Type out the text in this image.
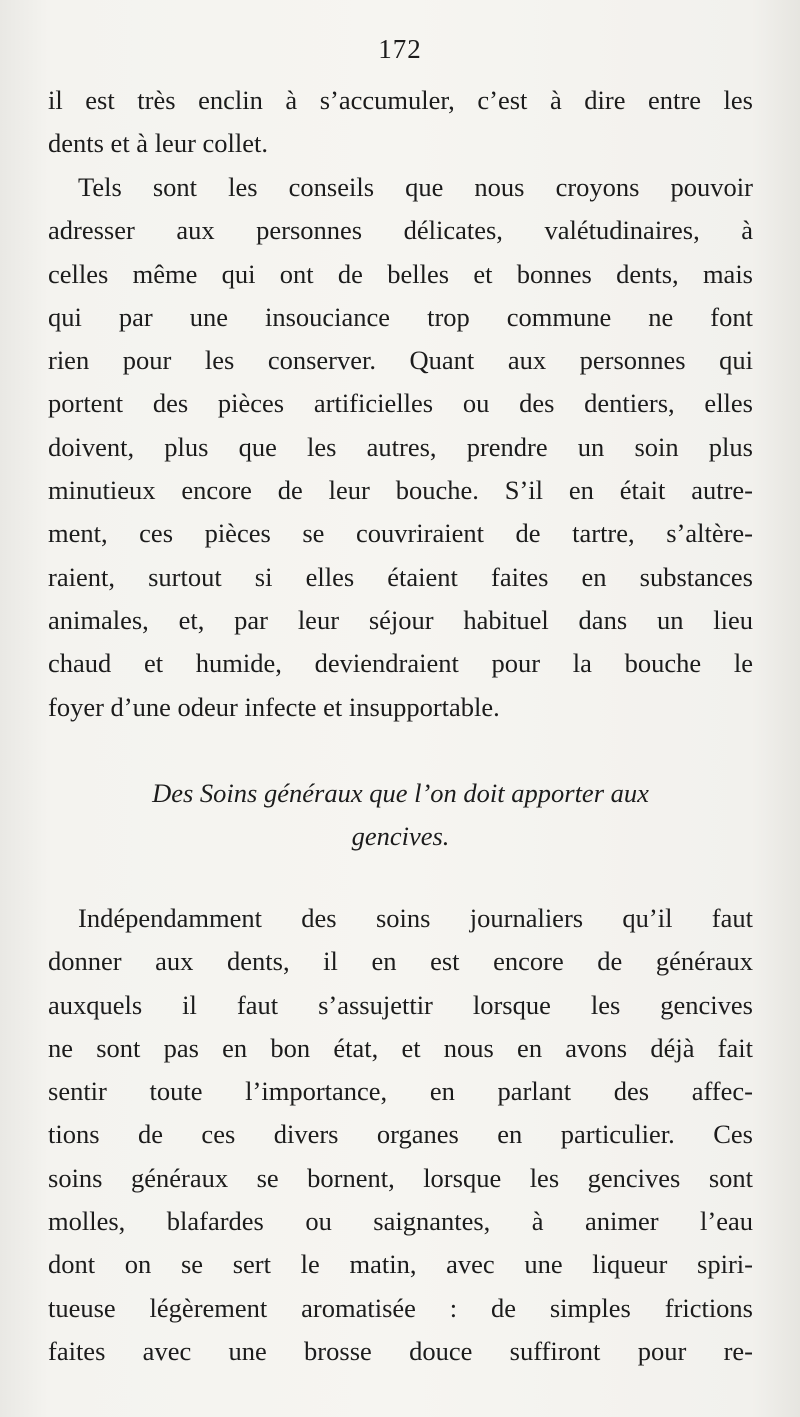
172
il est très enclin à s’accumuler, c’est à dire entre les
dents et à leur collet.
Tels sont les conseils que nous croyons pouvoir
adresser aux personnes délicates, valétudinaires, à
celles même qui ont de belles et bonnes dents, mais
qui par une insouciance trop commune ne font
rien pour les conserver. Quant aux personnes qui
portent des pièces artificielles ou des dentiers, elles
doivent, plus que les autres, prendre un soin plus
minutieux encore de leur bouche. S’il en était autre-
ment, ces pièces se couvriraient de tartre, s’altère-
raient, surtout si elles étaient faites en substances
animales, et, par leur séjour habituel dans un lieu
chaud et humide, deviendraient pour la bouche le
foyer d’une odeur infecte et insupportable.
Des Soins généraux que l’on doit apporter aux
gencives.
Indépendamment des soins journaliers qu’il faut
donner aux dents, il en est encore de généraux
auxquels il faut s’assujettir lorsque les gencives
ne sont pas en bon état, et nous en avons déjà fait
sentir toute l’importance, en parlant des affec-
tions de ces divers organes en particulier. Ces
soins généraux se bornent, lorsque les gencives sont
molles, blafardes ou saignantes, à animer l’eau
dont on se sert le matin, avec une liqueur spiri-
tueuse légèrement aromatisée : de simples frictions
faites avec une brosse douce suffiront pour re-
